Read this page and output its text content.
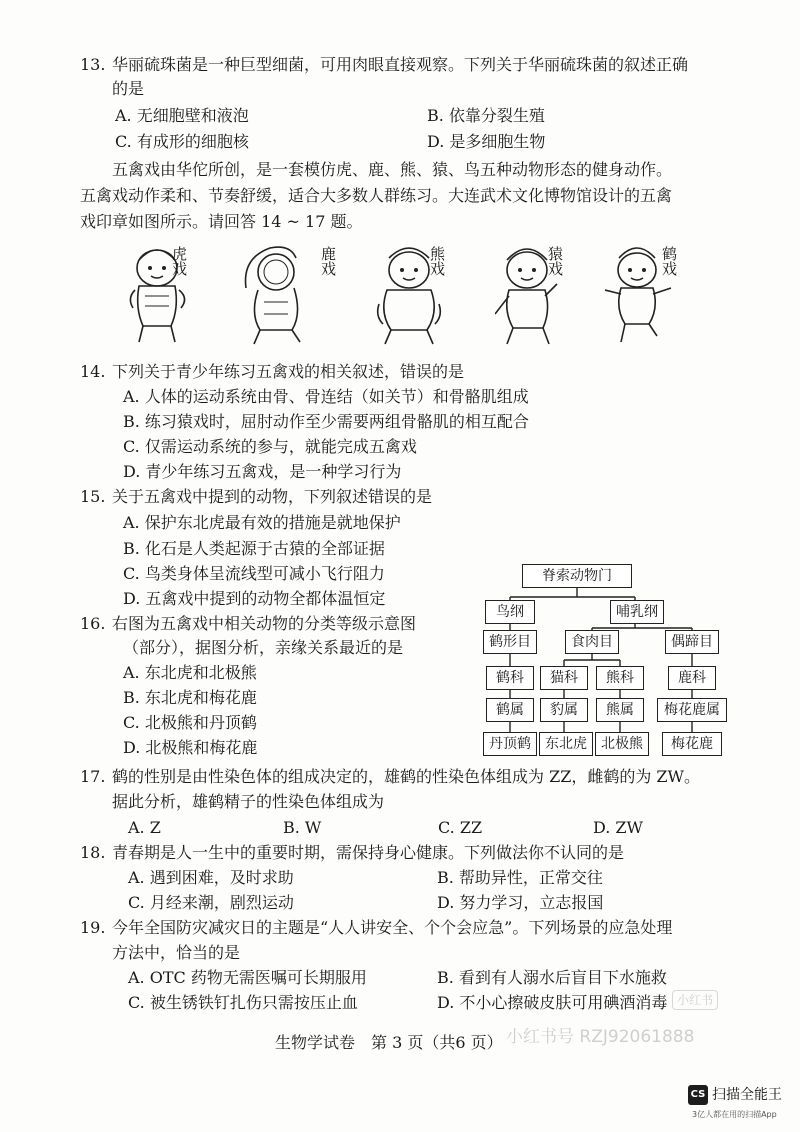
13. 华丽硫珠菌是一种巨型细菌，可用肉眼直接观察。下列关于华丽硫珠菌的叙述正确
的是
A. 无细胞壁和液泡	B. 依靠分裂生殖
C. 有成形的细胞核	D. 是多细胞生物
五禽戏由华佗所创，是一套模仿虎、鹿、熊、猿、鸟五种动物形态的健身动作。
五禽戏动作柔和、节奏舒缓，适合大多数人群练习。大连武术文化博物馆设计的五禽
戏印章如图所示。请回答 14 ~ 17 题。
虎戏	鹿戏	熊戏	猿戏	鹤戏
14. 下列关于青少年练习五禽戏的相关叙述，错误的是
A. 人体的运动系统由骨、骨连结（如关节）和骨骼肌组成
B. 练习猿戏时，屈肘动作至少需要两组骨骼肌的相互配合
C. 仅需运动系统的参与，就能完成五禽戏
D. 青少年练习五禽戏，是一种学习行为
15. 关于五禽戏中提到的动物，下列叙述错误的是
A. 保护东北虎最有效的措施是就地保护
B. 化石是人类起源于古猿的全部证据
C. 鸟类身体呈流线型可减小飞行阻力
D. 五禽戏中提到的动物全都体温恒定
16. 右图为五禽戏中相关动物的分类等级示意图
（部分），据图分析，亲缘关系最近的是
A. 东北虎和北极熊
B. 东北虎和梅花鹿
C. 北极熊和丹顶鹤
D. 北极熊和梅花鹿
脊索动物门
鸟纲	哺乳纲
鹤形目	食肉目	偶蹄目
鹤科	猫科	熊科	鹿科
鹤属	豹属	熊属	梅花鹿属
丹顶鹤	东北虎	北极熊	梅花鹿
17. 鹤的性别是由性染色体的组成决定的，雄鹤的性染色体组成为 ZZ，雌鹤的为 ZW。
据此分析，雄鹤精子的性染色体组成为
A. Z	B. W	C. ZZ	D. ZW
18. 青春期是人一生中的重要时期，需保持身心健康。下列做法你不认同的是
A. 遇到困难，及时求助	B. 帮助异性，正常交往
C. 月经来潮，剧烈运动	D. 努力学习，立志报国
19. 今年全国防灾减灾日的主题是“人人讲安全、个个会应急”。下列场景的应急处理
方法中，恰当的是
A. OTC 药物无需医嘱可长期服用	B. 看到有人溺水后盲目下水施救
C. 被生锈铁钉扎伤只需按压止血	D. 不小心擦破皮肤可用碘酒消毒 小红书
小红书号 RZJ92061888
生物学试卷　第 3 页（共6 页）
CS 扫描全能王
3亿人都在用的扫描App
